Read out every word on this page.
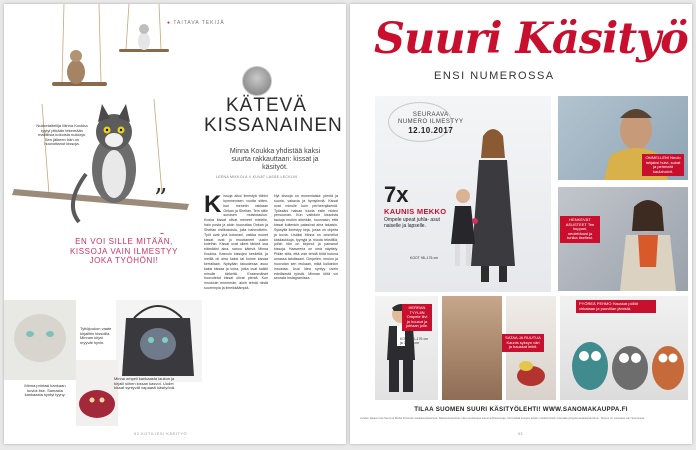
● TAITAVA TEKIJÄ
Nukketaiteilija Minna Koukka tyytyi pitkään tekemään maltillisia kokoisia nukkeja. Sen jälkeen hän on huovuttanut kissoja.
KÄTEVÄ
KISSANAINEN
Minna Koukka yhdistää kaksi suurta rakkauttaan: kissat ja käsityöt.
LEENA MIKKOLA // KUVAT LASSE LECKLIN
”
EN VOI SILLE MITÄÄN,
KISSOJA VAIN ILMESTYY
JOKA TYÖHÖNI!
K issoja alkoi ilmestyä töihini kymmenisen vuotta sitten, kun menetin rakkaan Onkan ja Sheltan. Tein niille suruisen muistotaulun. Koska kissat olivat meneet mielelle, hain posta ja aloin huovuttaa Onkan ja Sheltan ristikokoisia, joita hahmottelin. Työt ovat yhä kotonani, vaikka monet kissat ovat jo muuttaneet uusiin koteihin. Kissat ovat olleet tärkeä osa elämääni aina, sanoo kätevä Minna Koukka. Kasvoin kissojen keskellä, ja meillä oli aina kaksi tai kolme kissaa kerrallaan. Nykyään taloudessa asuu kaksi kissaa ja koira, jotka ovat kaikki minulle tärkeitä. Ensimmäiset huovutetut kissat olivat pieniä. Kun innostuin enemmän, aloin tehdä niistä suurempia ja ilmeikkäämpiä.
Nyt kissoja on monenlaisia: pieniä ja suuria, vakavia ja hymyileviä. Kissat ovat minulle kuin perheenjäseniä. Työssäni haluan tuoda esiin niiden persoonan. Kun vaihdoin kissoista tauluja muihin aiheisiin, huomasin, että kissat kuitenkin palasivat aina takaisin. Syksyllä ilmestyy kirja, jossa on ohjeita ja kuvia. Lisäksi Minna on ommellut käsilaukkuja, tyynyjä ja muuta tekstiiliä, joihin hän on kirjonut ja painanut kissoja. Haaveena on oma näyttely. Pidän siitä, että voin tehdä töitä kotona omassa tahdissani. Ompelen, neulon ja huovutan sen mukaan, mikä kulloinkin innostaa. Uusi idea syntyy usein edellisestä työstä. Minnan töitä voi seurata Instagramissa.
Tyttöjoukon vaate kirjailtiin kissoilla. Minnan kirjat myyvät hyvin.
Minna printasi kankaan kuviot itse. Samasta kankaasta syntyi tyyny.
Minna ompeli kankaasta laukun ja kirjaili siihen kissan kasvot. Uudet kissat syntyvät vapaasti käsityönä.
92 KOTILIESI KÄSITYÖ
Suuri Käsityö
ENSI NUMEROSSA
SEURAAVA
NUMERO ILMESTYY
12.10.2017
7x
KAUNIS MEKKO
Ompele upeat juhla- asut naiselle ja lapselle.
KOOT 98–176 cm
OMMELLEN! Neulo lahjaksi huivi, sukat ja pehmeät kaulahuivit.
HENKEVÄT ASUSTEET Tee huppari, neulebluusi ja tunika itsellesi.
HERRAN TYYLIIN Ompele liivi ja housut ja juhlaan jolle.
KOOT 98–176 cm ja 36–44 cm
SATAA JA RUUTUA Kaunis syksyn väri ja hauskat leikit.
PYÖREÄ PEHMO Hauskat pöllöt virkataan ja puuvillan jämistä.
TILAA SUOMEN SUURI KÄSITYÖLEHTI! WWW.SANOMAKAUPPA.FI
Lehden tilaajat ovat Sanoma Media Finlandin asiakasrekisterissä. Rekisteriselosteen näet osoitteessa sanoma.fi/tietosuoja. Voit kieltää tietojesi käytön markkinointiin ottamalla yhteyttä asiakaspalveluun. Tarjous on voimassa vain Suomessa.
93
